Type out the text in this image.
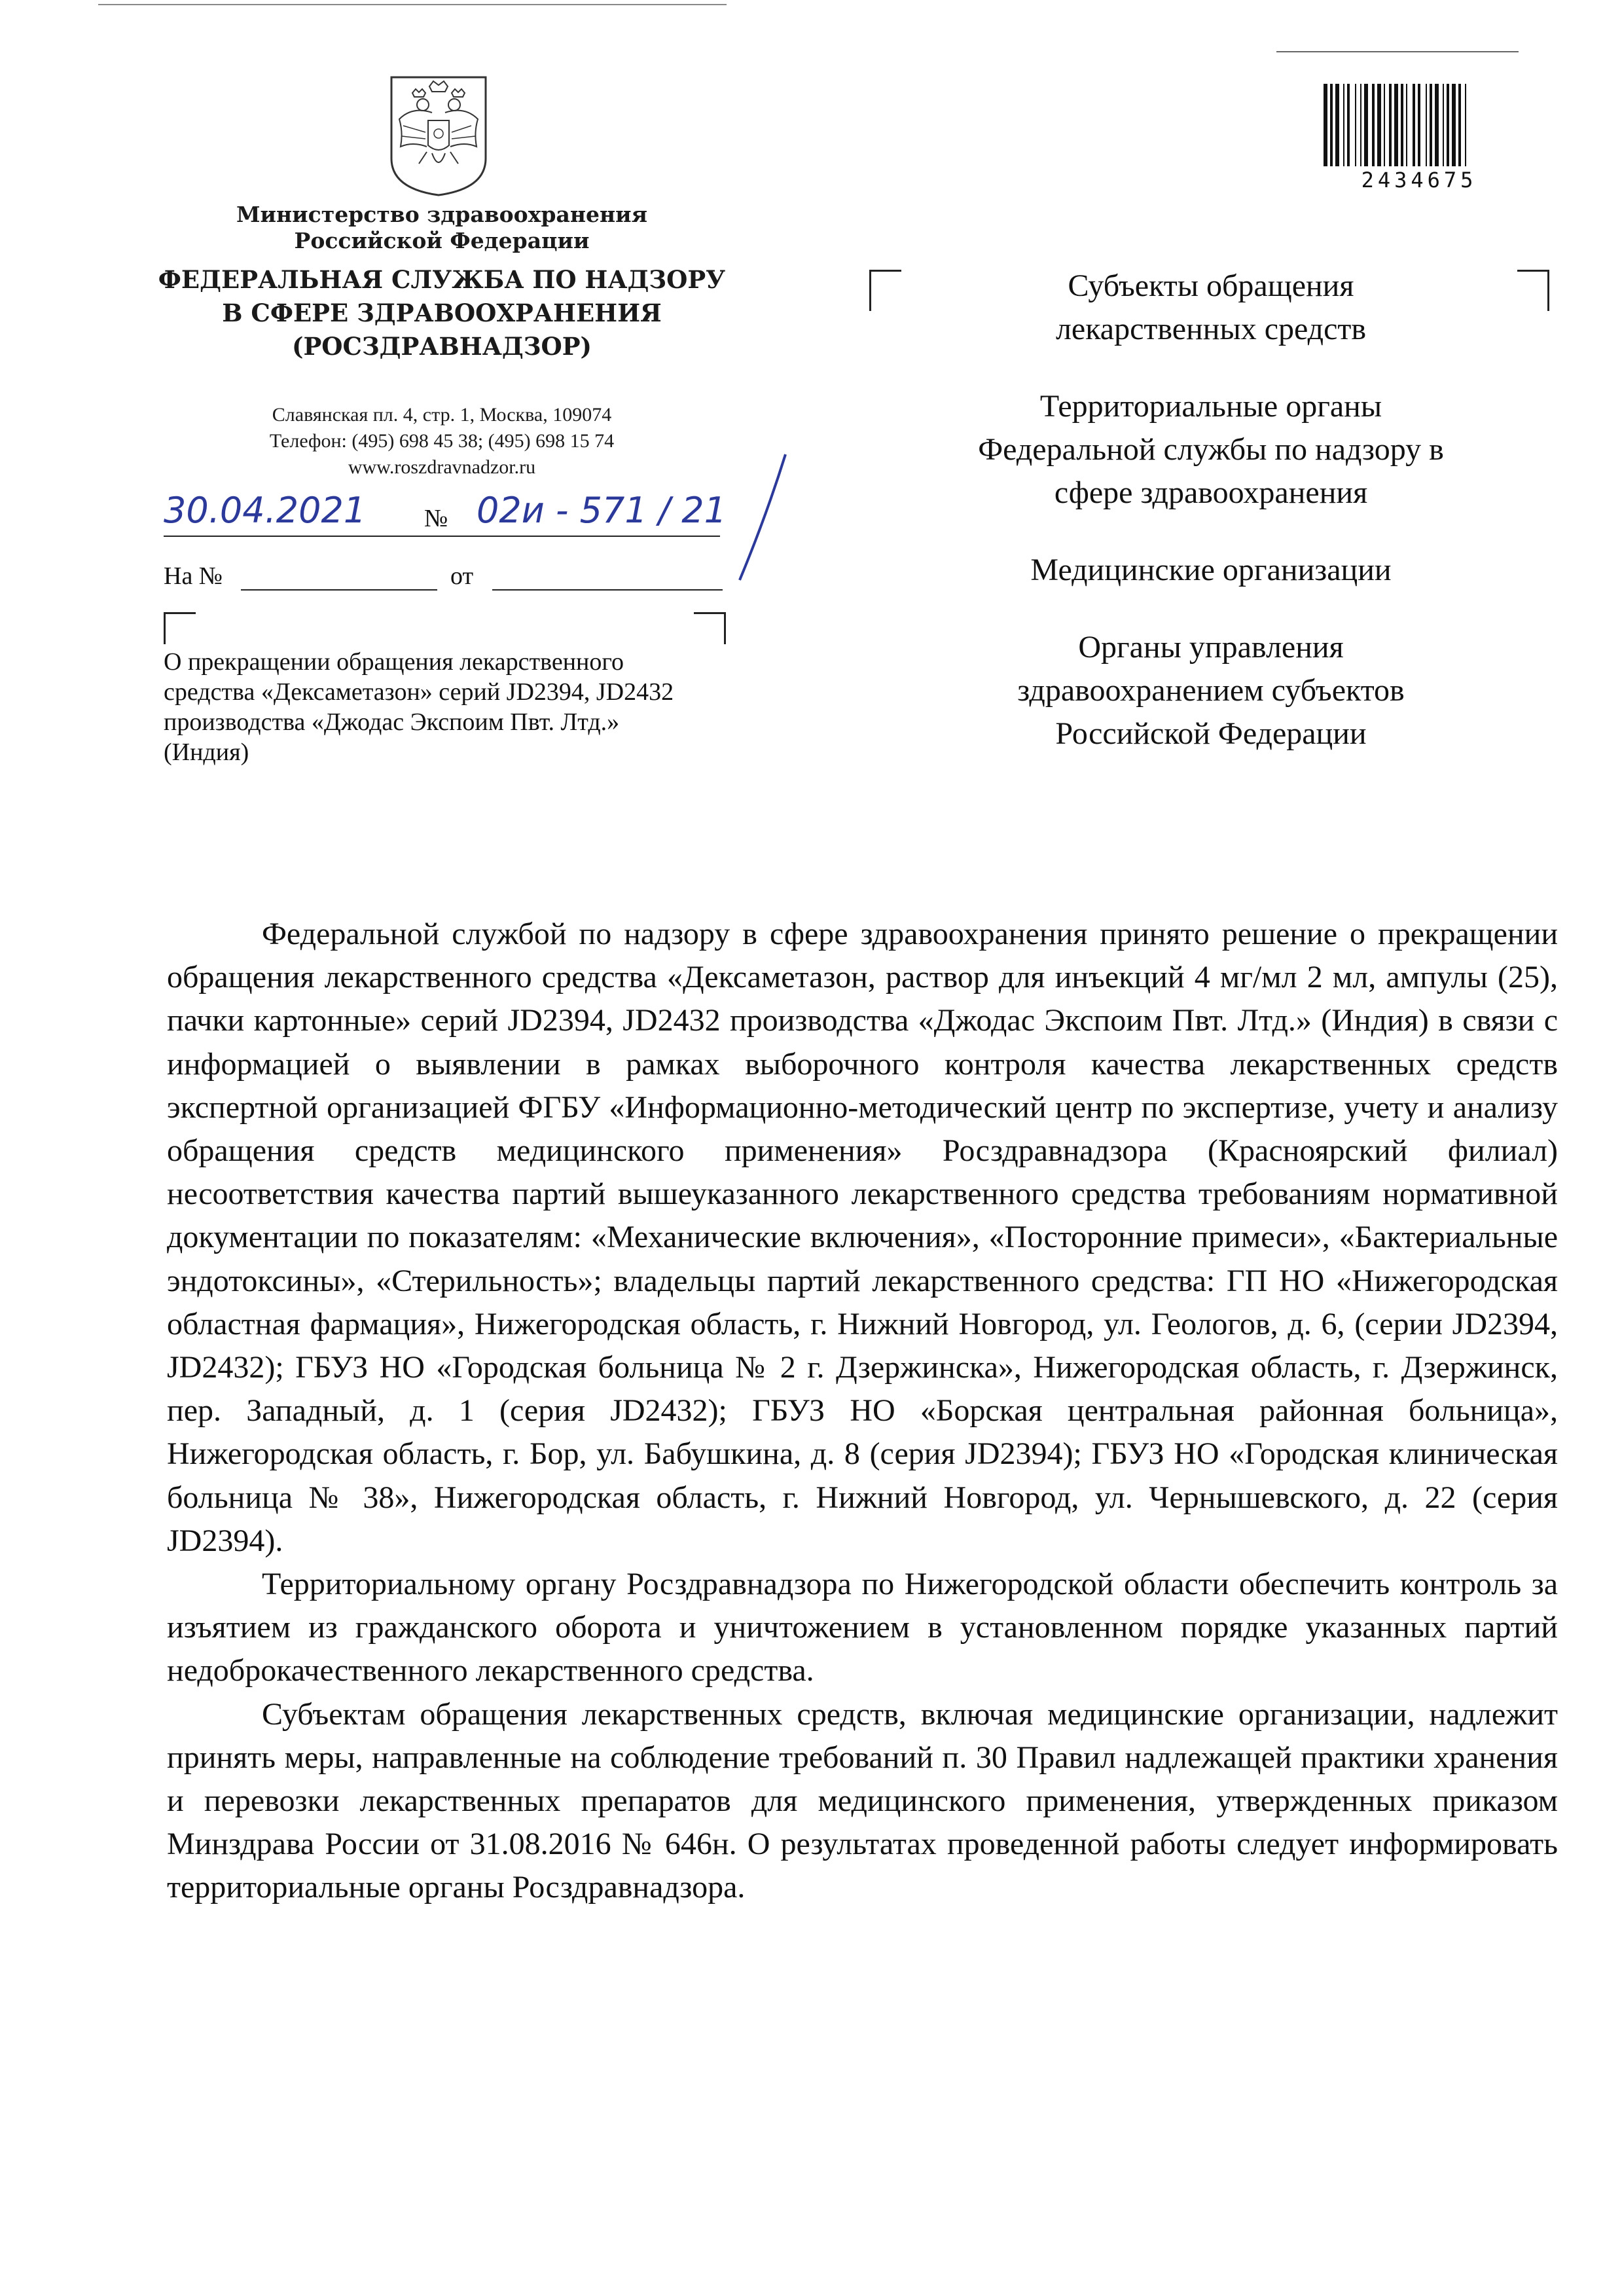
Министерство здравоохранения
Российской Федерации
ФЕДЕРАЛЬНАЯ СЛУЖБА ПО НАДЗОРУ
В СФЕРЕ ЗДРАВООХРАНЕНИЯ
(РОСЗДРАВНАДЗОР)
Славянская пл. 4, стр. 1, Москва, 109074
Телефон: (495) 698 45 38; (495) 698 15 74
www.roszdravnadzor.ru
30.04.2021 № 02и - 571 / 21
На №	от
О прекращении обращения лекарственного
средства «Дексаметазон» серий JD2394, JD2432
производства «Джодас Экспоим Пвт. Лтд.»
(Индия)
2434675
Субъекты обращения
лекарственных средств
Территориальные органы
Федеральной службы по надзору в
сфере здравоохранения
Медицинские организации
Органы управления
здравоохранением субъектов
Российской Федерации

Федеральной службой по надзору в сфере здравоохранения принято решение о прекращении обращения лекарственного средства «Дексаметазон, раствор для инъекций 4 мг/мл 2 мл, ампулы (25), пачки картонные» серий JD2394, JD2432 производства «Джодас Экспоим Пвт. Лтд.» (Индия) в связи с информацией о выявлении в рамках выборочного контроля качества лекарственных средств экспертной организацией ФГБУ «Информационно-методический центр по экспертизе, учету и анализу обращения средств медицинского применения» Росздравнадзора (Красноярский филиал) несоответствия качества партий вышеуказанного лекарственного средства требованиям нормативной документации по показателям: «Механические включения», «Посторонние примеси», «Бактериальные эндотоксины», «Стерильность»; владельцы партий лекарственного средства: ГП НО «Нижегородская областная фармация», Нижегородская область, г. Нижний Новгород, ул. Геологов, д. 6, (серии JD2394, JD2432); ГБУЗ НО «Городская больница № 2 г. Дзержинска», Нижегородская область, г. Дзержинск, пер. Западный, д. 1 (серия JD2432); ГБУЗ НО «Борская центральная районная больница», Нижегородская область, г. Бор, ул. Бабушкина, д. 8 (серия JD2394); ГБУЗ НО «Городская клиническая больница № 38», Нижегородская область, г. Нижний Новгород, ул. Чернышевского, д. 22 (серия JD2394).

Территориальному органу Росздравнадзора по Нижегородской области обеспечить контроль за изъятием из гражданского оборота и уничтожением в установленном порядке указанных партий недоброкачественного лекарственного средства.

Субъектам обращения лекарственных средств, включая медицинские организации, надлежит принять меры, направленные на соблюдение требований п. 30 Правил надлежащей практики хранения и перевозки лекарственных препаратов для медицинского применения, утвержденных приказом Минздрава России от 31.08.2016 № 646н. О результатах проведенной работы следует информировать территориальные органы Росздравнадзора.
